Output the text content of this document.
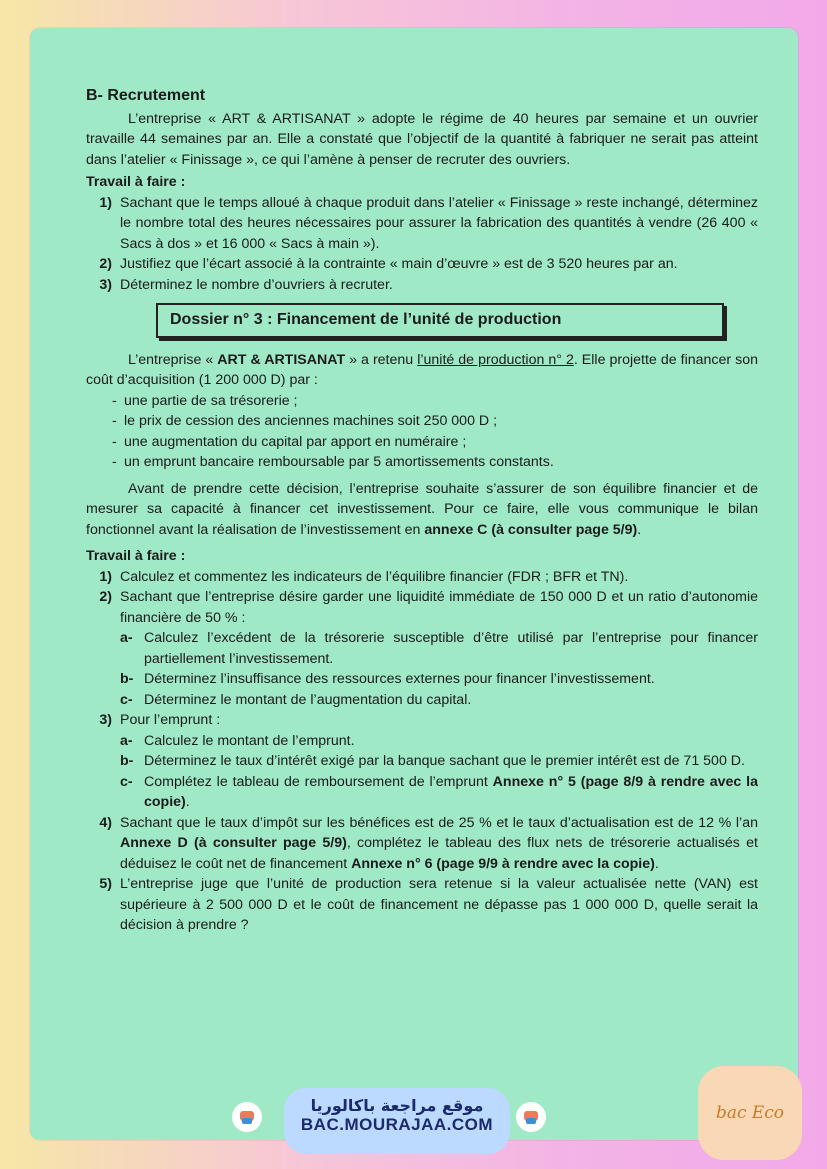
B- Recrutement

L’entreprise « ART & ARTISANAT » adopte le régime de 40 heures par semaine et un ouvrier travaille 44 semaines par an. Elle a constaté que l’objectif de la quantité à fabriquer ne serait pas atteint dans l’atelier « Finissage », ce qui l’amène à penser de recruter des ouvriers.

Travail à faire :

1) Sachant que le temps alloué à chaque produit dans l’atelier « Finissage » reste inchangé, déterminez le nombre total des heures nécessaires pour assurer la fabrication des quantités à vendre (26 400 « Sacs à dos » et 16 000 « Sacs à main »).
2) Justifiez que l’écart associé à la contrainte « main d’œuvre » est de 3 520 heures par an.
3) Déterminez le nombre d’ouvriers à recruter.
Dossier n° 3 : Financement de l’unité de production

L’entreprise « ART & ARTISANAT » a retenu l’unité de production n° 2. Elle projette de financer son coût d’acquisition (1 200 000 D) par :

- une partie de sa trésorerie ;
- le prix de cession des anciennes machines soit 250 000 D ;
- une augmentation du capital par apport en numéraire ;
- un emprunt bancaire remboursable par 5 amortissements constants.

Avant de prendre cette décision, l’entreprise souhaite s’assurer de son équilibre financier et de mesurer sa capacité à financer cet investissement. Pour ce faire, elle vous communique le bilan fonctionnel avant la réalisation de l’investissement en annexe C (à consulter page 5/9).

Travail à faire :

1) Calculez et commentez les indicateurs de l’équilibre financier (FDR ; BFR et TN).
2) Sachant que l’entreprise désire garder une liquidité immédiate de 150 000 D et un ratio d’autonomie financière de 50 % :
a- Calculez l’excédent de la trésorerie susceptible d’être utilisé par l’entreprise pour financer partiellement l’investissement.
b- Déterminez l’insuffisance des ressources externes pour financer l’investissement.
c- Déterminez le montant de l’augmentation du capital.
3) Pour l’emprunt :
a- Calculez le montant de l’emprunt.
b- Déterminez le taux d’intérêt exigé par la banque sachant que le premier intérêt est de 71 500 D.
c- Complétez le tableau de remboursement de l’emprunt Annexe n° 5 (page 8/9 à rendre avec la copie).
4) Sachant que le taux d’impôt sur les bénéfices est de 25 % et le taux d’actualisation est de 12 % l’an Annexe D (à consulter page 5/9), complétez le tableau des flux nets de trésorerie actualisés et déduisez le coût net de financement Annexe n° 6 (page 9/9 à rendre avec la copie).
5) L’entreprise juge que l’unité de production sera retenue si la valeur actualisée nette (VAN) est supérieure à 2 500 000 D et le coût de financement ne dépasse pas 1 000 000 D, quelle serait la décision à prendre ?
موقع مراجعة باكالوريا
BAC.MOURAJAA.COM
bac Eco
